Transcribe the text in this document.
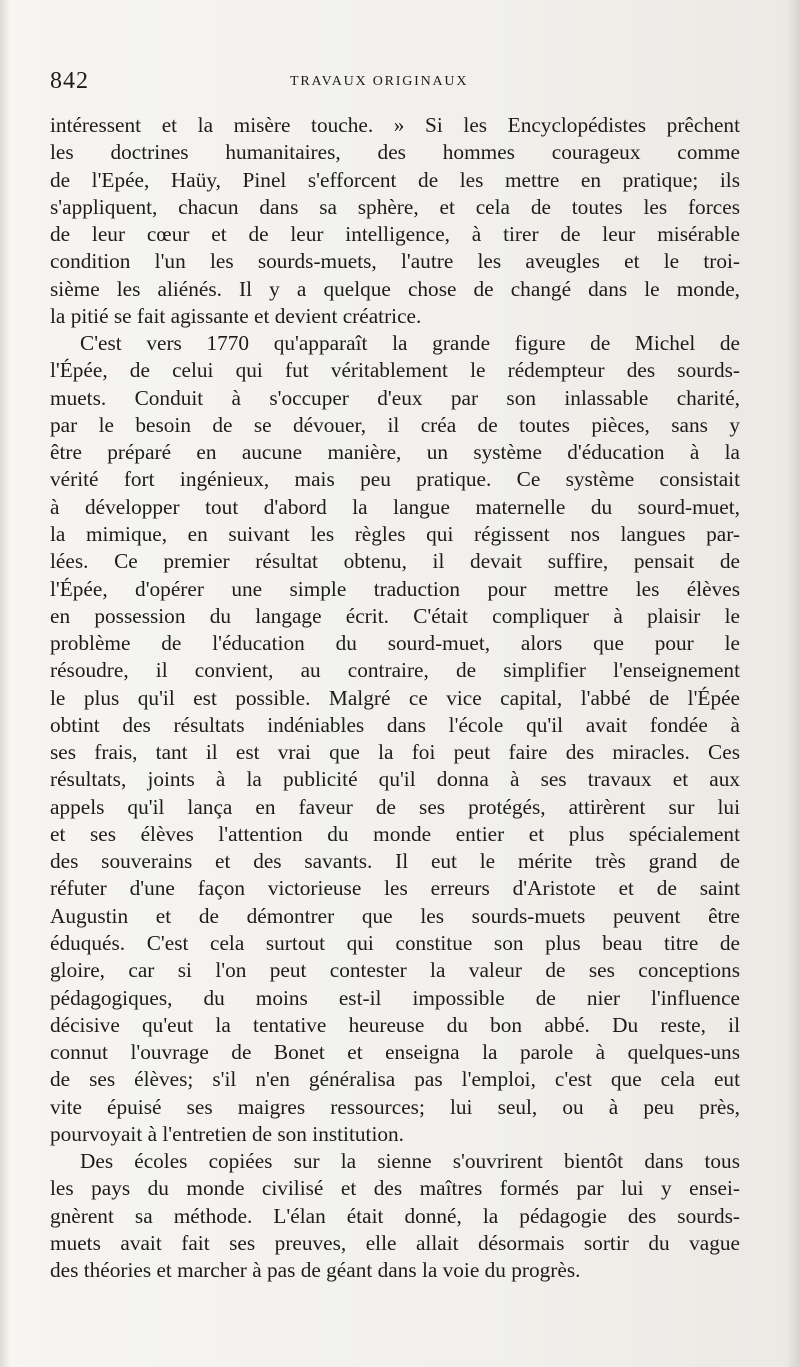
842	TRAVAUX ORIGINAUX
intéressent et la misère touche. » Si les Encyclopédistes prêchent
les doctrines humanitaires, des hommes courageux comme
de l'Epée, Haüy, Pinel s'efforcent de les mettre en pratique; ils
s'appliquent, chacun dans sa sphère, et cela de toutes les forces
de leur cœur et de leur intelligence, à tirer de leur misérable
condition l'un les sourds-muets, l'autre les aveugles et le troi-
sième les aliénés. Il y a quelque chose de changé dans le monde,
la pitié se fait agissante et devient créatrice.
C'est vers 1770 qu'apparaît la grande figure de Michel de
l'Épée, de celui qui fut véritablement le rédempteur des sourds-
muets. Conduit à s'occuper d'eux par son inlassable charité,
par le besoin de se dévouer, il créa de toutes pièces, sans y
être préparé en aucune manière, un système d'éducation à la
vérité fort ingénieux, mais peu pratique. Ce système consistait
à développer tout d'abord la langue maternelle du sourd-muet,
la mimique, en suivant les règles qui régissent nos langues par-
lées. Ce premier résultat obtenu, il devait suffire, pensait de
l'Épée, d'opérer une simple traduction pour mettre les élèves
en possession du langage écrit. C'était compliquer à plaisir le
problème de l'éducation du sourd-muet, alors que pour le
résoudre, il convient, au contraire, de simplifier l'enseignement
le plus qu'il est possible. Malgré ce vice capital, l'abbé de l'Épée
obtint des résultats indéniables dans l'école qu'il avait fondée à
ses frais, tant il est vrai que la foi peut faire des miracles. Ces
résultats, joints à la publicité qu'il donna à ses travaux et aux
appels qu'il lança en faveur de ses protégés, attirèrent sur lui
et ses élèves l'attention du monde entier et plus spécialement
des souverains et des savants. Il eut le mérite très grand de
réfuter d'une façon victorieuse les erreurs d'Aristote et de saint
Augustin et de démontrer que les sourds-muets peuvent être
éduqués. C'est cela surtout qui constitue son plus beau titre de
gloire, car si l'on peut contester la valeur de ses conceptions
pédagogiques, du moins est-il impossible de nier l'influence
décisive qu'eut la tentative heureuse du bon abbé. Du reste, il
connut l'ouvrage de Bonet et enseigna la parole à quelques-uns
de ses élèves; s'il n'en généralisa pas l'emploi, c'est que cela eut
vite épuisé ses maigres ressources; lui seul, ou à peu près,
pourvoyait à l'entretien de son institution.
Des écoles copiées sur la sienne s'ouvrirent bientôt dans tous
les pays du monde civilisé et des maîtres formés par lui y ensei-
gnèrent sa méthode. L'élan était donné, la pédagogie des sourds-
muets avait fait ses preuves, elle allait désormais sortir du vague
des théories et marcher à pas de géant dans la voie du progrès.
